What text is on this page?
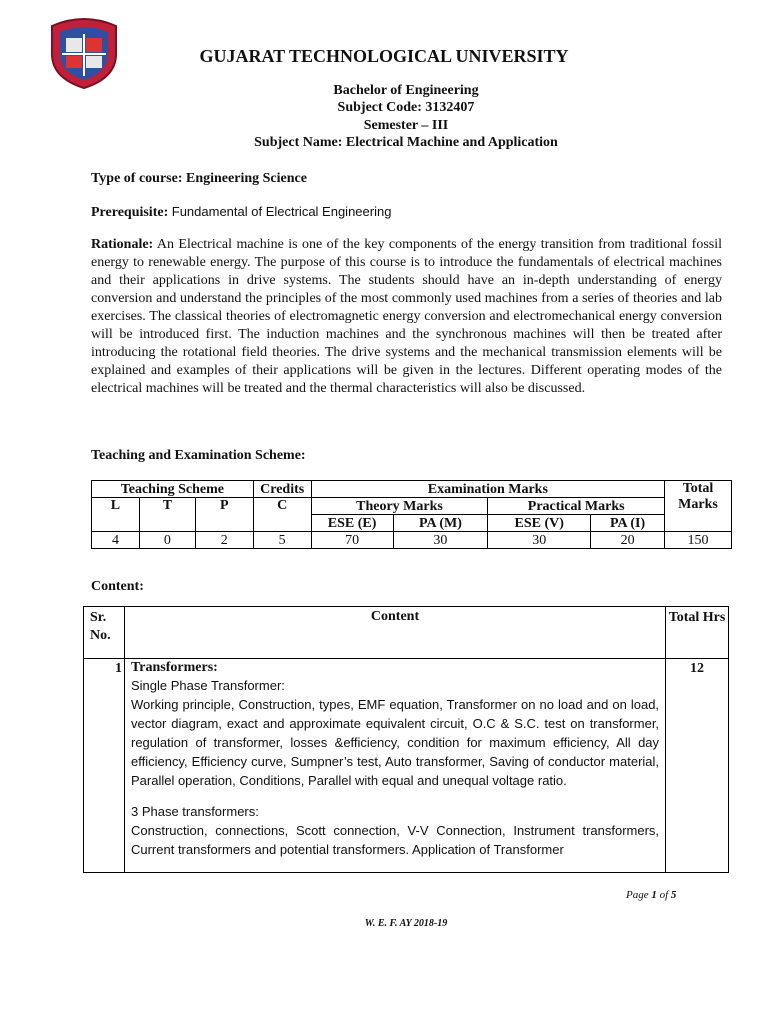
GUJARAT TECHNOLOGICAL UNIVERSITY
Bachelor of Engineering
Subject Code: 3132407
Semester – III
Subject Name: Electrical Machine and Application
Type of course: Engineering Science
Prerequisite: Fundamental of Electrical Engineering
Rationale: An Electrical machine is one of the key components of the energy transition from traditional fossil energy to renewable energy. The purpose of this course is to introduce the fundamentals of electrical machines and their applications in drive systems. The students should have an in-depth understanding of energy conversion and understand the principles of the most commonly used machines from a series of theories and lab exercises. The classical theories of electromagnetic energy conversion and electromechanical energy conversion will be introduced first. The induction machines and the synchronous machines will then be treated after introducing the rotational field theories. The drive systems and the mechanical transmission elements will be explained and examples of their applications will be given in the lectures. Different operating modes of the electrical machines will be treated and the thermal characteristics will also be discussed.
Teaching and Examination Scheme:
Teaching Scheme			Credits	Examination Marks				Total Marks
L	T	P	C	Theory Marks		Practical Marks		
				ESE (E)	PA (M)	ESE (V)	PA (I)	
4	0	2	5	70	30	30	20	150
Content:
Sr. No.	Content	Total Hrs
1	Transformers:
Single Phase Transformer:
Working principle, Construction, types, EMF equation, Transformer on no load and on load, vector diagram, exact and approximate equivalent circuit, O.C & S.C. test on transformer, regulation of transformer, losses &efficiency, condition for maximum efficiency, All day efficiency, Efficiency curve, Sumpner’s test, Auto transformer, Saving of conductor material, Parallel operation, Conditions, Parallel with equal and unequal voltage ratio.
3 Phase transformers:
Construction, connections, Scott connection, V-V Connection, Instrument transformers, Current transformers and potential transformers. Application of Transformer	12
Page 1 of 5
W. E. F. AY 2018-19
